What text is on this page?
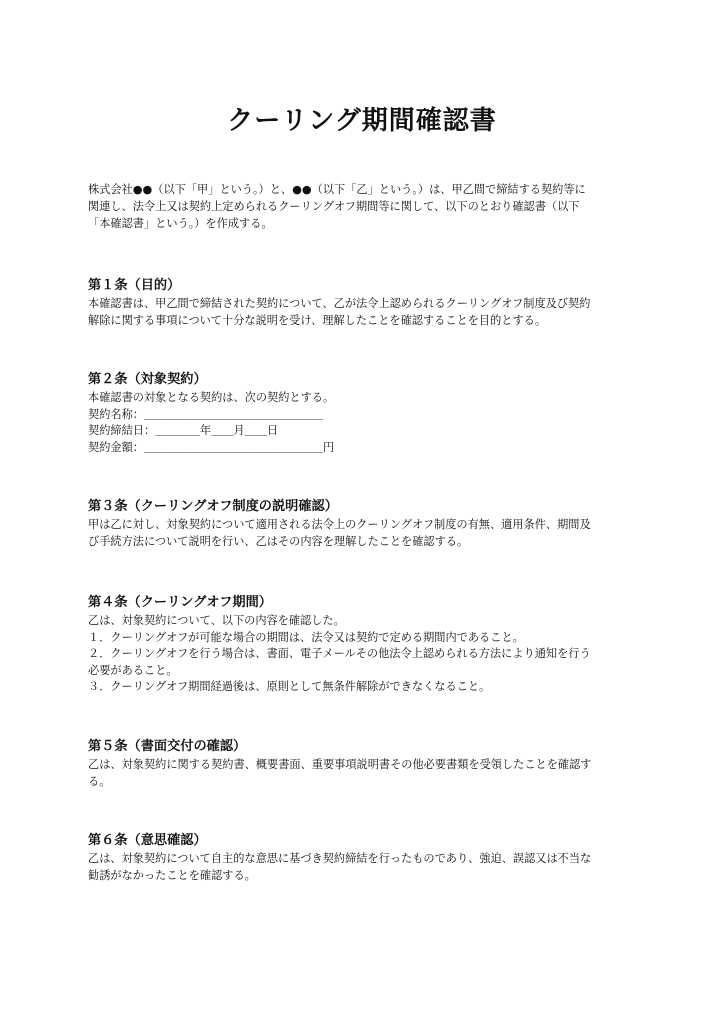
クーリング期間確認書

株式会社●●（以下「甲」という。）と、●●（以下「乙」という。）は、甲乙間で締結する契約等に

関連し、法令上又は契約上定められるクーリングオフ期間等に関して、以下のとおり確認書（以下

「本確認書」という。）を作成する。

第１条（目的）

本確認書は、甲乙間で締結された契約について、乙が法令上認められるクーリングオフ制度及び契約

解除に関する事項について十分な説明を受け、理解したことを確認することを目的とする。

第２条（対象契約）

本確認書の対象となる契約は、次の契約とする。

契約名称：＿＿＿＿＿＿＿＿＿＿＿＿＿＿＿＿

契約締結日：＿＿＿＿年＿＿月＿＿日

契約金額：＿＿＿＿＿＿＿＿＿＿＿＿＿＿＿＿円

第３条（クーリングオフ制度の説明確認）

甲は乙に対し、対象契約について適用される法令上のクーリングオフ制度の有無、適用条件、期間及

び手続方法について説明を行い、乙はその内容を理解したことを確認する。

第４条（クーリングオフ期間）

乙は、対象契約について、以下の内容を確認した。

１．クーリングオフが可能な場合の期間は、法令又は契約で定める期間内であること。

２．クーリングオフを行う場合は、書面、電子メールその他法令上認められる方法により通知を行う

必要があること。

３．クーリングオフ期間経過後は、原則として無条件解除ができなくなること。

第５条（書面交付の確認）

乙は、対象契約に関する契約書、概要書面、重要事項説明書その他必要書類を受領したことを確認す

る。

第６条（意思確認）

乙は、対象契約について自主的な意思に基づき契約締結を行ったものであり、強迫、誤認又は不当な

勧誘がなかったことを確認する。
